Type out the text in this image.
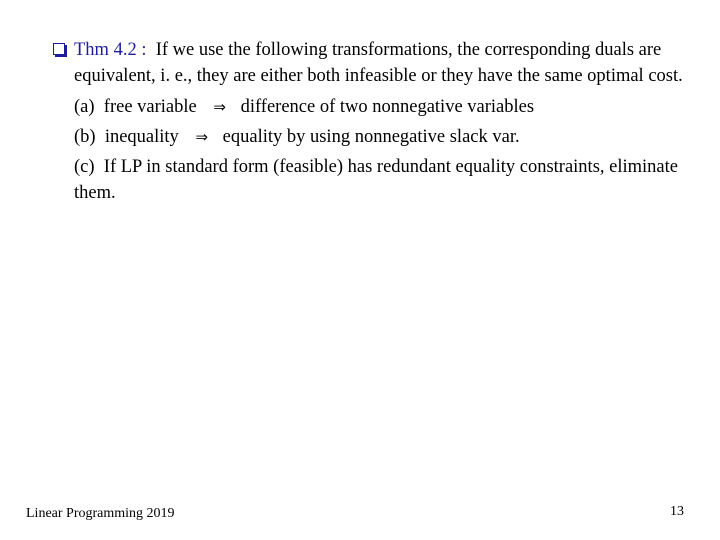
Thm 4.2 : If we use the following transformations, the corresponding duals are equivalent, i. e., they are either both infeasible or they have the same optimal cost.
(a) free variable ⇒ difference of two nonnegative variables
(b) inequality ⇒ equality by using nonnegative slack var.
(c) If LP in standard form (feasible) has redundant equality constraints, eliminate them.
Linear Programming 2019	13
